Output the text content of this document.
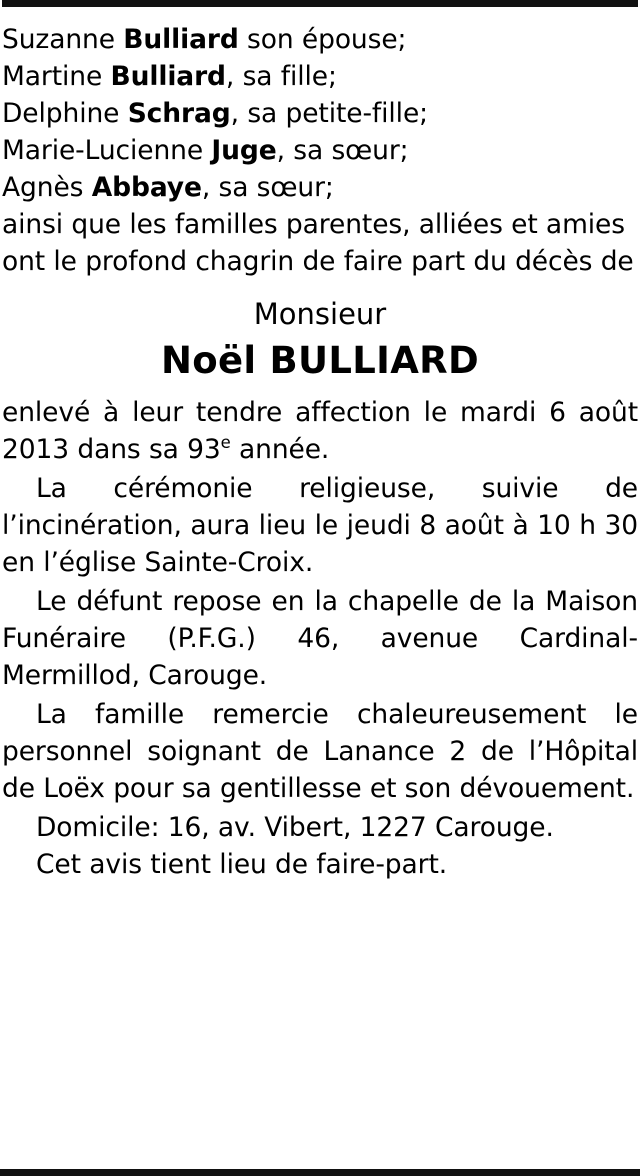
Suzanne Bulliard son épouse;
Martine Bulliard, sa fille;
Delphine Schrag, sa petite-fille;
Marie-Lucienne Juge, sa sœur;
Agnès Abbaye, sa sœur;
ainsi que les familles parentes, alliées et amies
ont le profond chagrin de faire part du décès de
Monsieur
Noël BULLIARD
enlevé à leur tendre affection le mardi 6 août 2013 dans sa 93e année.
La cérémonie religieuse, suivie de l’incinération, aura lieu le jeudi 8 août à 10 h 30 en l’église Sainte-Croix.
Le défunt repose en la chapelle de la Maison Funéraire (P.F.G.) 46, avenue Cardinal-Mermillod, Carouge.
La famille remercie chaleureusement le personnel soignant de Lanance 2 de l’Hôpital de Loëx pour sa gentillesse et son dévouement.
Domicile: 16, av. Vibert, 1227 Carouge.
Cet avis tient lieu de faire-part.
